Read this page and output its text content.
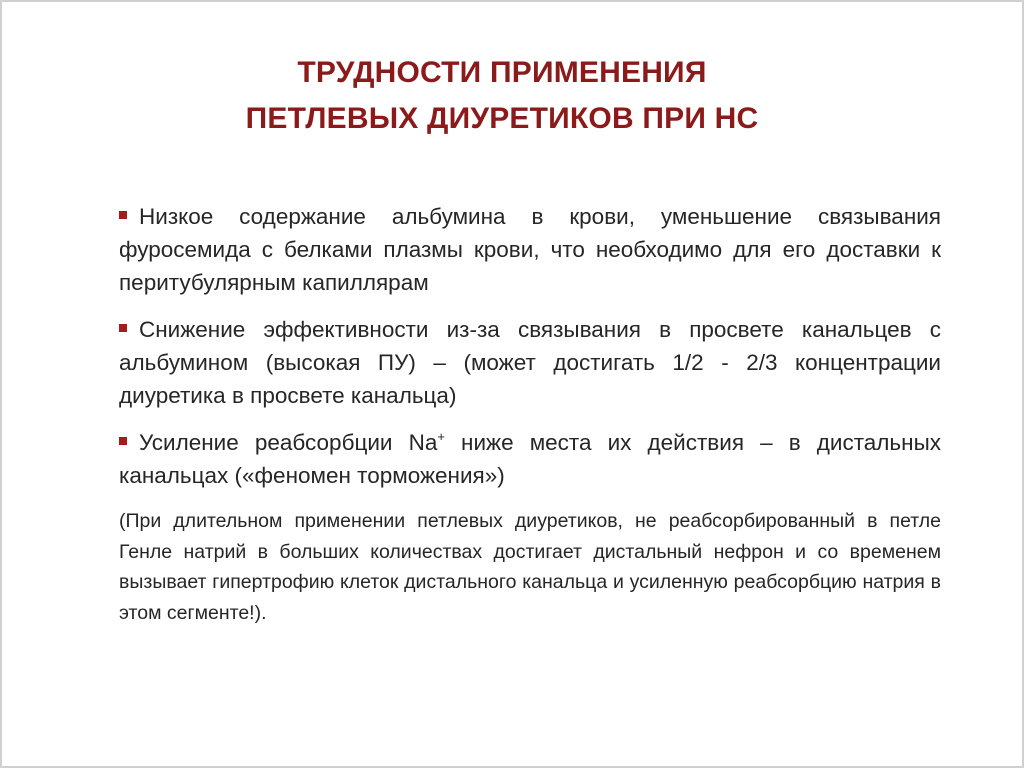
ТРУДНОСТИ ПРИМЕНЕНИЯ
ПЕТЛЕВЫХ ДИУРЕТИКОВ ПРИ НС
Низкое содержание альбумина в крови, уменьшение связывания фуросемида с белками плазмы крови, что необходимо для его доставки к перитубулярным капиллярам
Снижение эффективности из-за связывания в просвете канальцев с альбумином (высокая ПУ) – (может достигать 1/2 - 2/3 концентрации диуретика в просвете канальца)
Усиление реабсорбции Na+ ниже места их действия – в дистальных канальцах («феномен торможения»)
(При длительном применении петлевых диуретиков, не реабсорбированный в петле Генле натрий в больших количествах достигает дистальный нефрон и со временем вызывает гипертрофию клеток дистального канальца и усиленную реабсорбцию натрия в этом сегменте!).
